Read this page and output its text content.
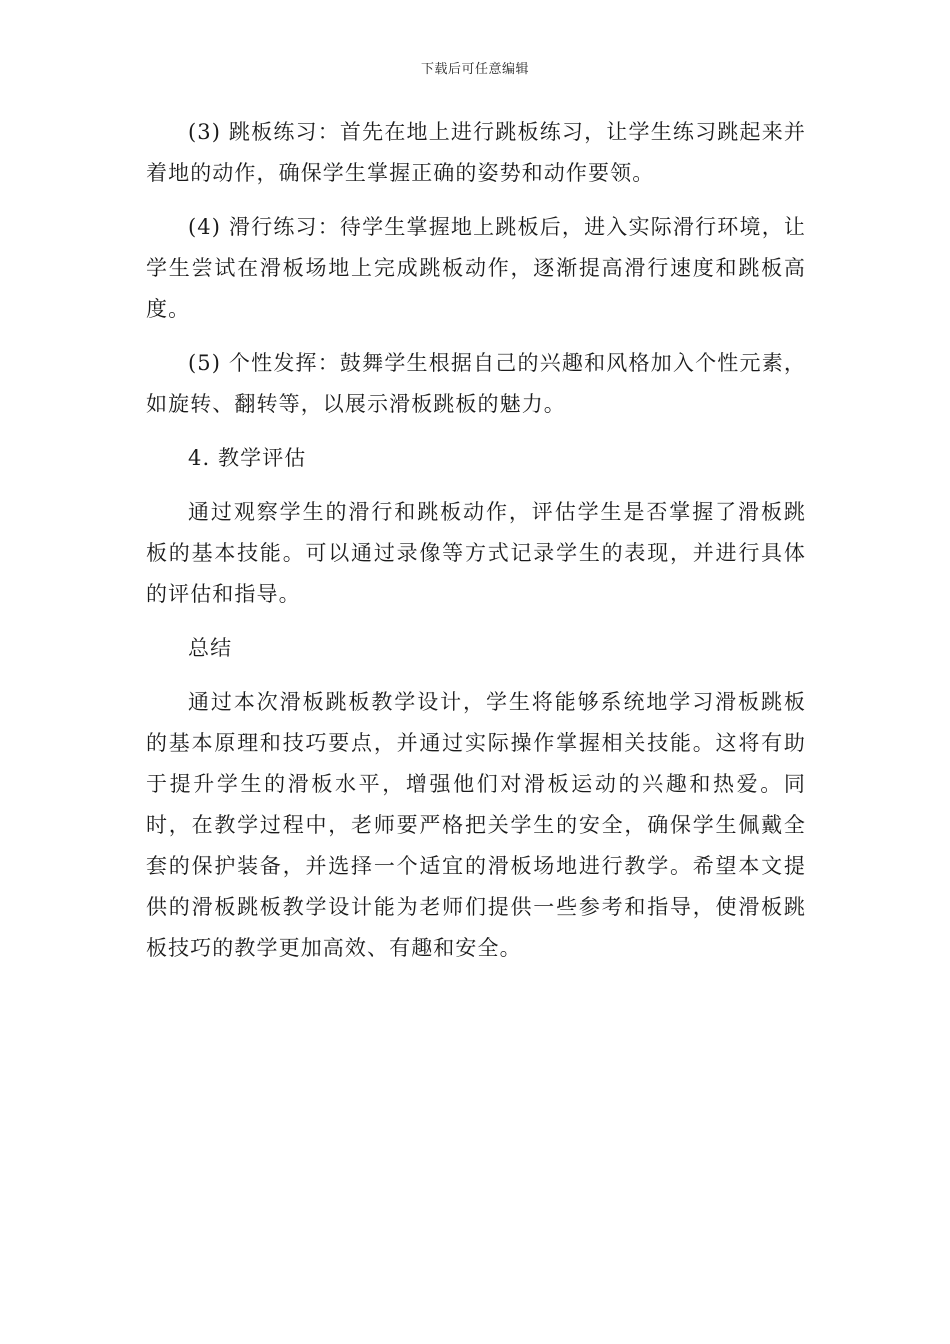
下载后可任意编辑

(3) 跳板练习：首先在地上进行跳板练习，让学生练习跳起来并着地的动作，确保学生掌握正确的姿势和动作要领。

(4) 滑行练习：待学生掌握地上跳板后，进入实际滑行环境，让学生尝试在滑板场地上完成跳板动作，逐渐提高滑行速度和跳板高度。

(5) 个性发挥：鼓舞学生根据自己的兴趣和风格加入个性元素，如旋转、翻转等，以展示滑板跳板的魅力。

4. 教学评估

通过观察学生的滑行和跳板动作，评估学生是否掌握了滑板跳板的基本技能。可以通过录像等方式记录学生的表现，并进行具体的评估和指导。

总结

通过本次滑板跳板教学设计，学生将能够系统地学习滑板跳板的基本原理和技巧要点，并通过实际操作掌握相关技能。这将有助于提升学生的滑板水平，增强他们对滑板运动的兴趣和热爱。同时，在教学过程中，老师要严格把关学生的安全，确保学生佩戴全套的保护装备，并选择一个适宜的滑板场地进行教学。希望本文提供的滑板跳板教学设计能为老师们提供一些参考和指导，使滑板跳板技巧的教学更加高效、有趣和安全。
